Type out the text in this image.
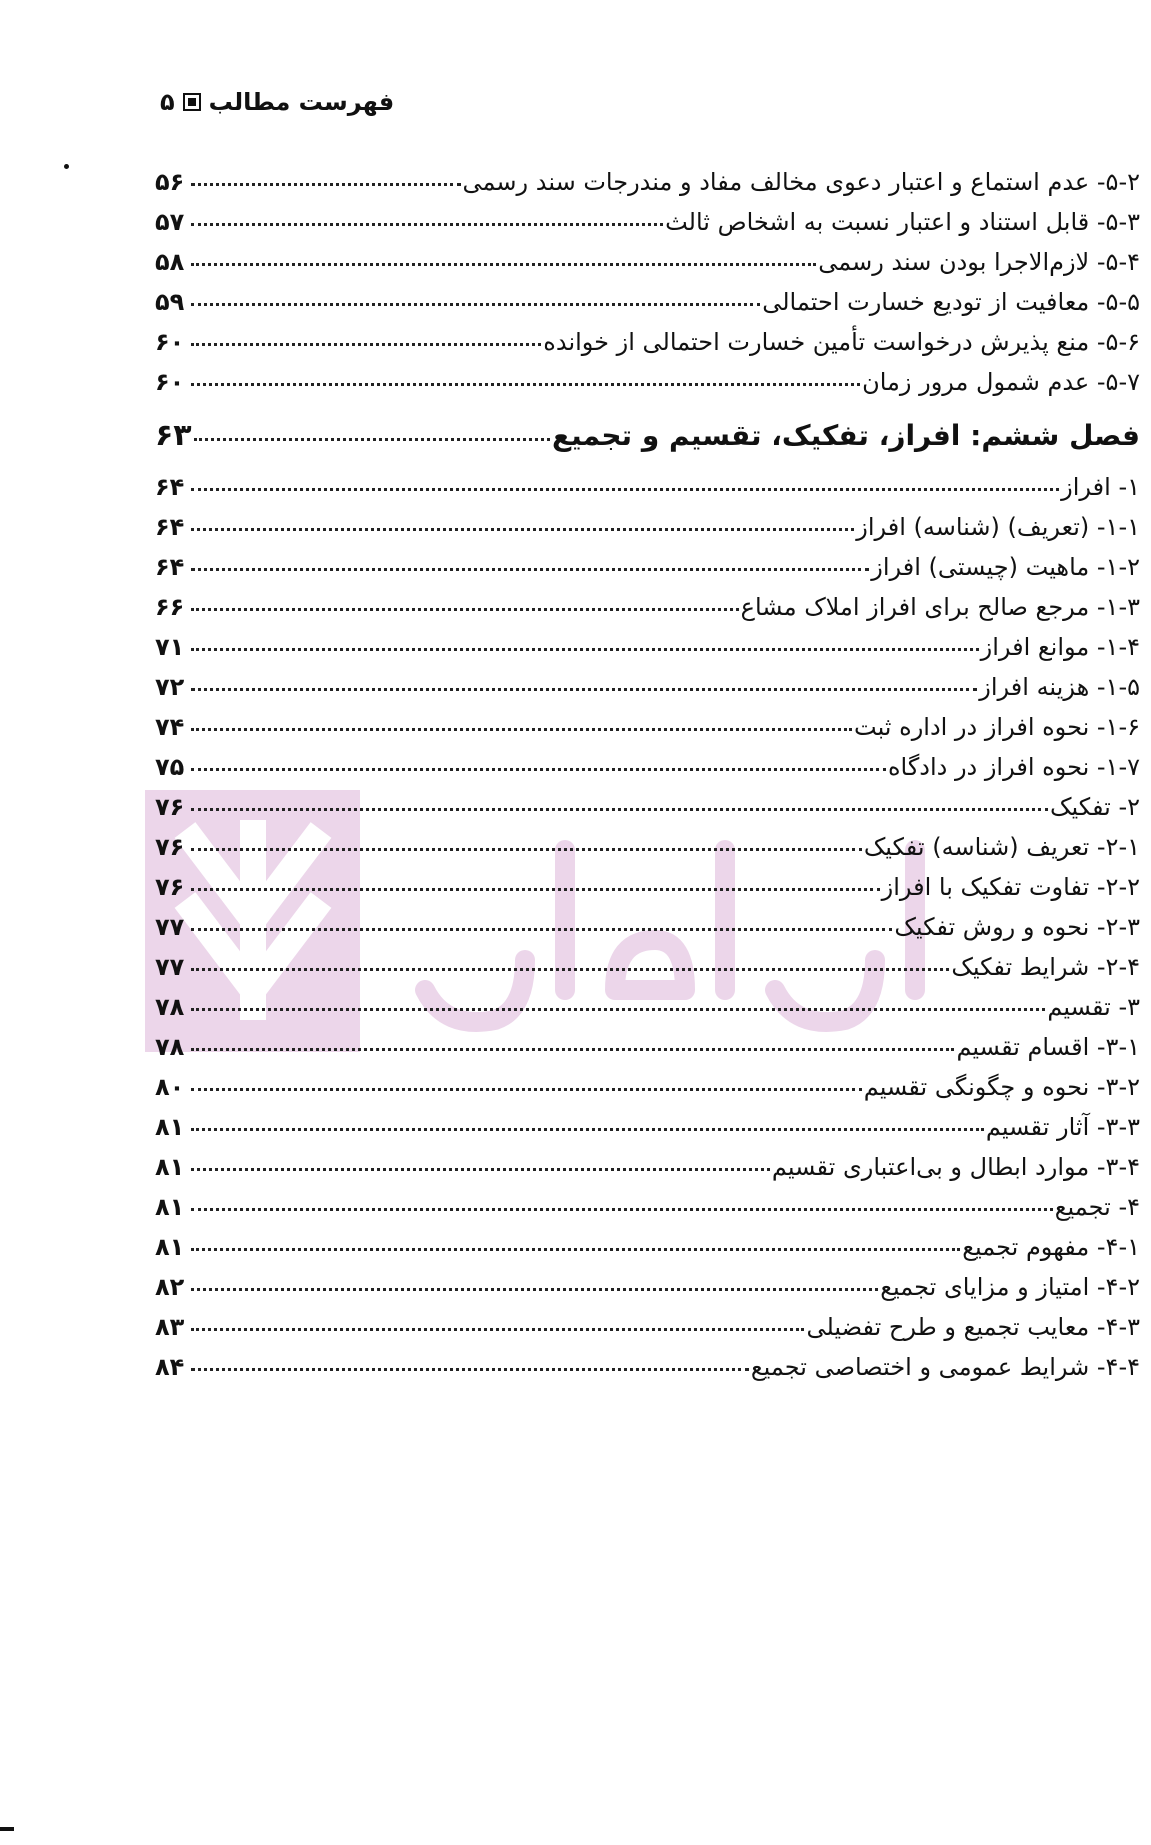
۵ فهرست مطالب
۵-۲- عدم استماع و اعتبار دعوی مخالف مفاد و مندرجات سند رسمی
۵۶
۵-۳- قابل استناد و اعتبار نسبت به اشخاص ثالث
۵۷
۵-۴- لازم‌الاجرا بودن سند رسمی
۵۸
۵-۵- معافیت از تودیع خسارت احتمالی
۵۹
۵-۶- منع پذیرش درخواست تأمین خسارت احتمالی از خوانده
۶۰
۵-۷- عدم شمول مرور زمان
۶۰
فصل ششم: افراز، تفکیک، تقسیم و تجمیع
۶۳
۱- افراز
۶۴
۱-۱- (تعریف) (شناسه) افراز
۶۴
۱-۲- ماهیت (چیستی) افراز
۶۴
۱-۳- مرجع صالح برای افراز املاک مشاع
۶۶
۱-۴- موانع افراز
۷۱
۱-۵- هزینه افراز
۷۲
۱-۶- نحوه افراز در اداره ثبت
۷۴
۱-۷- نحوه افراز در دادگاه
۷۵
۲- تفکیک
۷۶
۲-۱- تعریف (شناسه) تفکیک
۷۶
۲-۲- تفاوت تفکیک با افراز
۷۶
۲-۳- نحوه و روش تفکیک
۷۷
۲-۴- شرایط تفکیک
۷۷
۳- تقسیم
۷۸
۳-۱- اقسام تقسیم
۷۸
۳-۲- نحوه و چگونگی تقسیم
۸۰
۳-۳- آثار تقسیم
۸۱
۳-۴- موارد ابطال و بی‌اعتباری تقسیم
۸۱
۴- تجمیع
۸۱
۴-۱- مفهوم تجمیع
۸۱
۴-۲- امتیاز و مزایای تجمیع
۸۲
۴-۳- معایب تجمیع و طرح تفضیلی
۸۳
۴-۴- شرایط عمومی و اختصاصی تجمیع
۸۴
